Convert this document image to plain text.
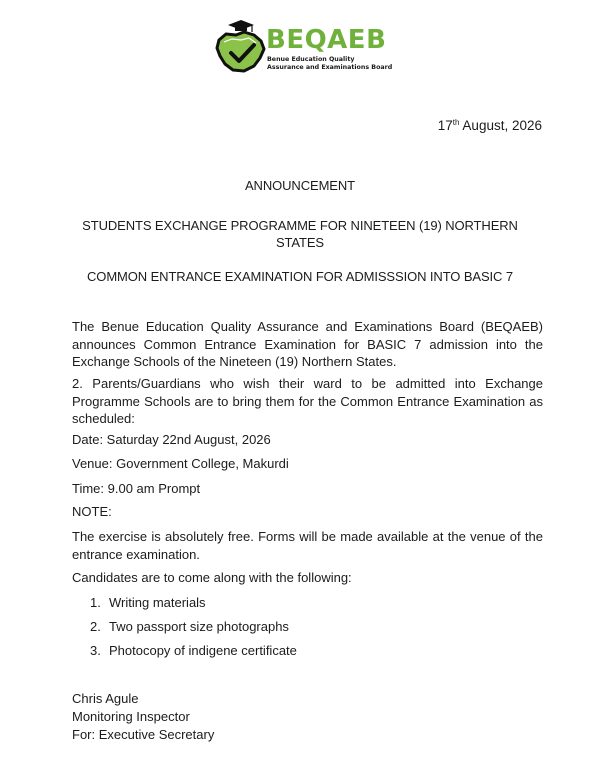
BEQAEB
Benue Education Quality
Assurance and Examinations Board
17th August, 2026
ANNOUNCEMENT
STUDENTS EXCHANGE PROGRAMME FOR NINETEEN (19) NORTHERN
STATES
COMMON ENTRANCE EXAMINATION FOR ADMISSSION INTO BASIC 7
The Benue Education Quality Assurance and Examinations Board (BEQAEB) announces Common Entrance Examination for BASIC 7 admission into the Exchange Schools of the Nineteen (19) Northern States.
2. Parents/Guardians who wish their ward to be admitted into Exchange Programme Schools are to bring them for the Common Entrance Examination as scheduled:
Date: Saturday 22nd August, 2026
Venue: Government College, Makurdi
Time: 9.00 am Prompt
NOTE:
The exercise is absolutely free. Forms will be made available at the venue of the entrance examination.
Candidates are to come along with the following:
1. Writing materials
2. Two passport size photographs
3. Photocopy of indigene certificate
Chris Agule
Monitoring Inspector
For: Executive Secretary
